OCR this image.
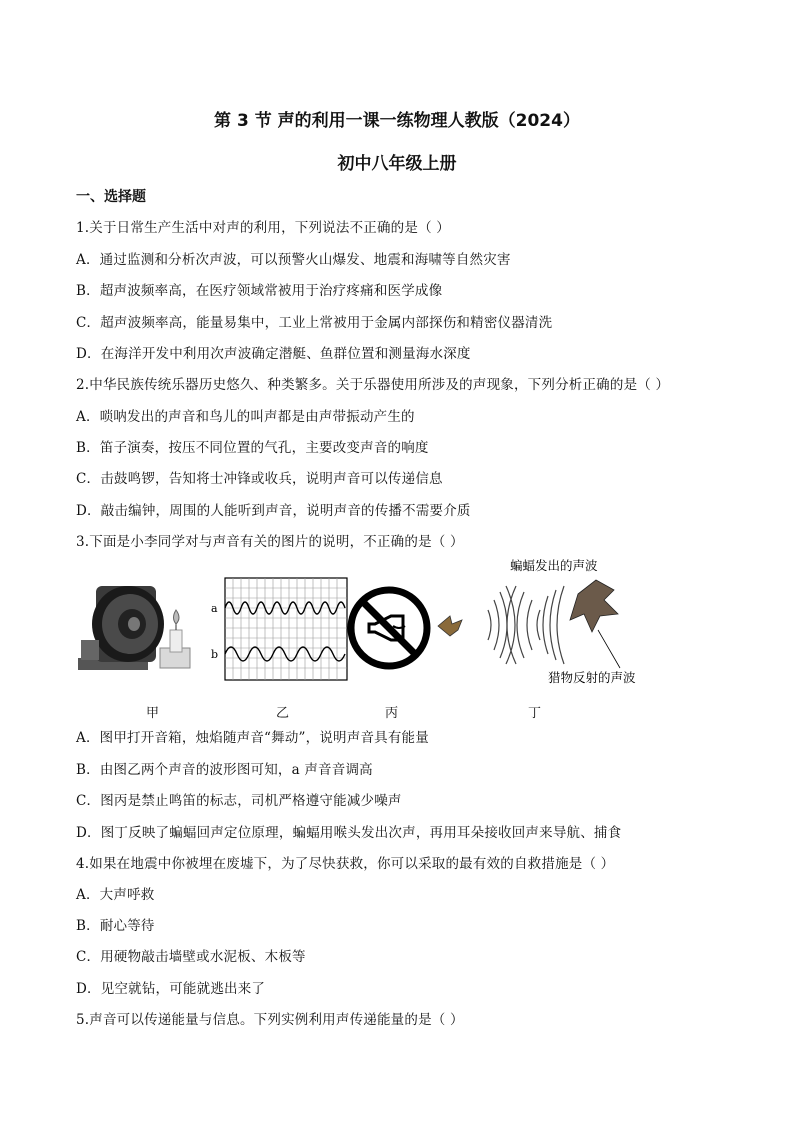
第 3 节 声的利用一课一练物理人教版（2024）
初中八年级上册
一、选择题
1.关于日常生产生活中对声的利用，下列说法不正确的是（ ）
A．通过监测和分析次声波，可以预警火山爆发、地震和海啸等自然灾害
B．超声波频率高，在医疗领域常被用于治疗疼痛和医学成像
C．超声波频率高，能量易集中，工业上常被用于金属内部探伤和精密仪器清洗
D．在海洋开发中利用次声波确定潜艇、鱼群位置和测量海水深度
2.中华民族传统乐器历史悠久、种类繁多。关于乐器使用所涉及的声现象，下列分析正确的是（ ）
A．唢呐发出的声音和鸟儿的叫声都是由声带振动产生的
B．笛子演奏，按压不同位置的气孔，主要改变声音的响度
C．击鼓鸣锣，告知将士冲锋或收兵，说明声音可以传递信息
D．敲击编钟，周围的人能听到声音，说明声音的传播不需要介质
3.下面是小李同学对与声音有关的图片的说明，不正确的是（ ）
a
b
蝙蝠发出的声波
猎物反射的声波
甲	乙	丙	丁
A．图甲打开音箱，烛焰随声音“舞动”，说明声音具有能量
B．由图乙两个声音的波形图可知，a 声音音调高
C．图丙是禁止鸣笛的标志，司机严格遵守能减少噪声
D．图丁反映了蝙蝠回声定位原理，蝙蝠用喉头发出次声，再用耳朵接收回声来导航、捕食
4.如果在地震中你被埋在废墟下，为了尽快获救，你可以采取的最有效的自救措施是（ ）
A．大声呼救
B．耐心等待
C．用硬物敲击墙壁或水泥板、木板等
D．见空就钻，可能就逃出来了
5.声音可以传递能量与信息。下列实例利用声传递能量的是（ ）
